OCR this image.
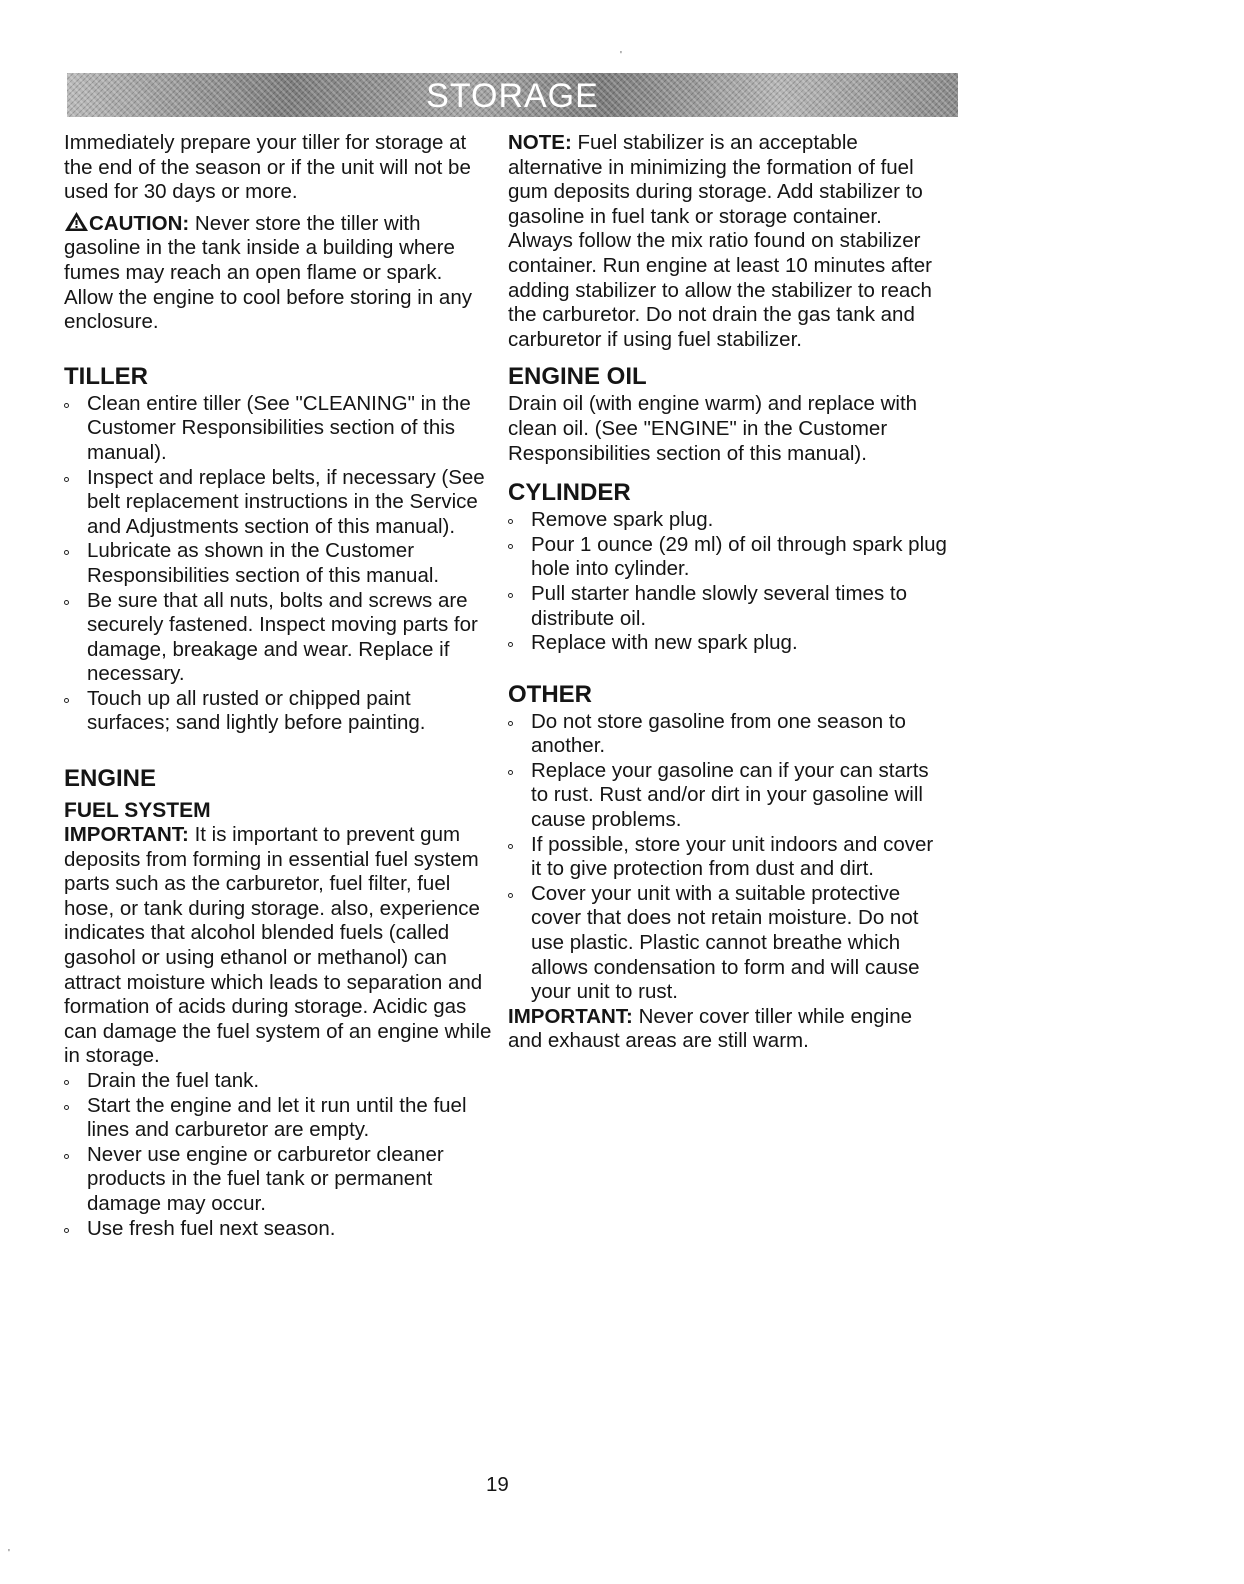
'
'
STORAGE

Immediately prepare your tiller for storage at the end of the season or if the unit will not be used for 30 days or more.

CAUTION: Never store the tiller with gasoline in the tank inside a building where fumes may reach an open flame or spark. Allow the engine to cool before storing in any enclosure.

TILLER
Clean entire tiller (See "CLEANING" in the Customer Responsibilities section of this manual).
Inspect and replace belts, if necessary (See belt replacement instructions in the Service and Adjustments section of this manual).
Lubricate as shown in the Customer Responsibilities section of this manual.
Be sure that all nuts, bolts and screws are securely fastened. Inspect moving parts for damage, breakage and wear. Replace if necessary.
Touch up all rusted or chipped paint surfaces; sand lightly before painting.
ENGINE
FUEL SYSTEM

IMPORTANT: It is important to prevent gum deposits from forming in essential fuel system parts such as the carburetor, fuel filter, fuel hose, or tank during storage. also, experience indicates that alcohol blended fuels (called gasohol or using ethanol or methanol) can attract moisture which leads to separation and formation of acids during storage. Acidic gas can damage the fuel system of an engine while in storage.

Drain the fuel tank.
Start the engine and let it run until the fuel lines and carburetor are empty.
Never use engine or carburetor cleaner products in the fuel tank or permanent damage may occur.
Use fresh fuel next season.

NOTE: Fuel stabilizer is an acceptable alternative in minimizing the formation of fuel gum deposits during storage. Add stabilizer to gasoline in fuel tank or storage container. Always follow the mix ratio found on stabilizer container. Run engine at least 10 minutes after adding stabilizer to allow the stabilizer to reach the carburetor. Do not drain the gas tank and carburetor if using fuel stabilizer.

ENGINE OIL

Drain oil (with engine warm) and replace with clean oil. (See "ENGINE" in the Customer Responsibilities section of this manual).

CYLINDER
Remove spark plug.
Pour 1 ounce (29 ml) of oil through spark plug hole into cylinder.
Pull starter handle slowly several times to distribute oil.
Replace with new spark plug.
OTHER
Do not store gasoline from one season to another.
Replace your gasoline can if your can starts to rust. Rust and/or dirt in your gasoline will cause problems.
If possible, store your unit indoors and cover it to give protection from dust and dirt.
Cover your unit with a suitable protective cover that does not retain moisture. Do not use plastic. Plastic cannot breathe which allows condensation to form and will cause your unit to rust.

IMPORTANT: Never cover tiller while engine and exhaust areas are still warm.

19
